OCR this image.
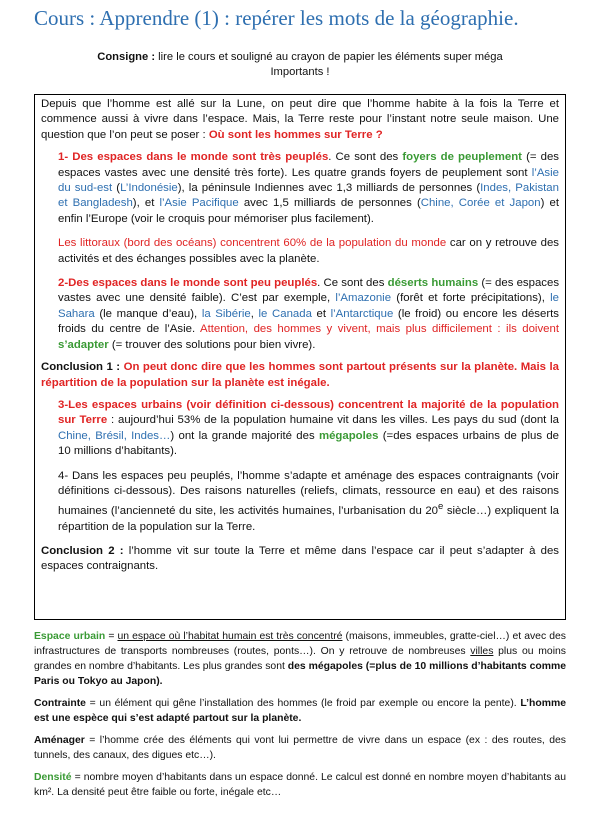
Cours : Apprendre (1) : repérer les mots de la géographie.
Consigne : lire le cours et souligné au crayon de papier les éléments super méga
Importants !

Depuis que l’homme est allé sur la Lune, on peut dire que l’homme habite à la fois la Terre et commence aussi à vivre dans l’espace. Mais, la Terre reste pour l’instant notre seule maison. Une question que l’on peut se poser : Où sont les hommes sur Terre ?

1- Des espaces dans le monde sont très peuplés. Ce sont des foyers de peuplement (= des espaces vastes avec une densité très forte). Les quatre grands foyers de peuplement sont l’Asie du sud-est (L’Indonésie), la péninsule Indiennes avec 1,3 milliards de personnes (Indes, Pakistan et Bangladesh), et l’Asie Pacifique avec 1,5 milliards de personnes (Chine, Corée et Japon) et enfin l’Europe (voir le croquis pour mémoriser plus facilement).

Les littoraux (bord des océans) concentrent 60% de la population du monde car on y retrouve des activités et des échanges possibles avec la planète.

2-Des espaces dans le monde sont peu peuplés. Ce sont des déserts humains (= des espaces vastes avec une densité faible). C’est par exemple, l’Amazonie (forêt et forte précipitations), le Sahara (le manque d’eau), la Sibérie, le Canada et l’Antarctique (le froid) ou encore les déserts froids du centre de l’Asie. Attention, des hommes y vivent, mais plus difficilement : ils doivent s’adapter (= trouver des solutions pour bien vivre).

Conclusion 1 : On peut donc dire que les hommes sont partout présents sur la planète. Mais la répartition de la population sur la planète est inégale.

3-Les espaces urbains (voir définition ci-dessous) concentrent la majorité de la population sur Terre : aujourd’hui 53% de la population humaine vit dans les villes. Les pays du sud (dont la Chine, Brésil, Indes…) ont la grande majorité des mégapoles (=des espaces urbains de plus de 10 millions d’habitants).

4- Dans les espaces peu peuplés, l’homme s’adapte et aménage des espaces contraignants (voir définitions ci-dessous). Des raisons naturelles (reliefs, climats, ressource en eau) et des raisons humaines (l’ancienneté du site, les activités humaines, l’urbanisation du 20e siècle…) expliquent la répartition de la population sur la Terre.

Conclusion 2 : l’homme vit sur toute la Terre et même dans l’espace car il peut s’adapter à des espaces contraignants.

Espace urbain = un espace où l’habitat humain est très concentré (maisons, immeubles, gratte-ciel…) et avec des infrastructures de transports nombreuses (routes, ponts…). On y retrouve de nombreuses villes plus ou moins grandes en nombre d’habitants. Les plus grandes sont des mégapoles (=plus de 10 millions d’habitants comme Paris ou Tokyo au Japon).

Contrainte = un élément qui gêne l’installation des hommes (le froid par exemple ou encore la pente). L’homme est une espèce qui s’est adapté partout sur la planète.

Aménager = l’homme crée des éléments qui vont lui permettre de vivre dans un espace (ex : des routes, des tunnels, des canaux, des digues etc…).

Densité = nombre moyen d’habitants dans un espace donné. Le calcul est donné en nombre moyen d’habitants au km². La densité peut être faible ou forte, inégale etc…
